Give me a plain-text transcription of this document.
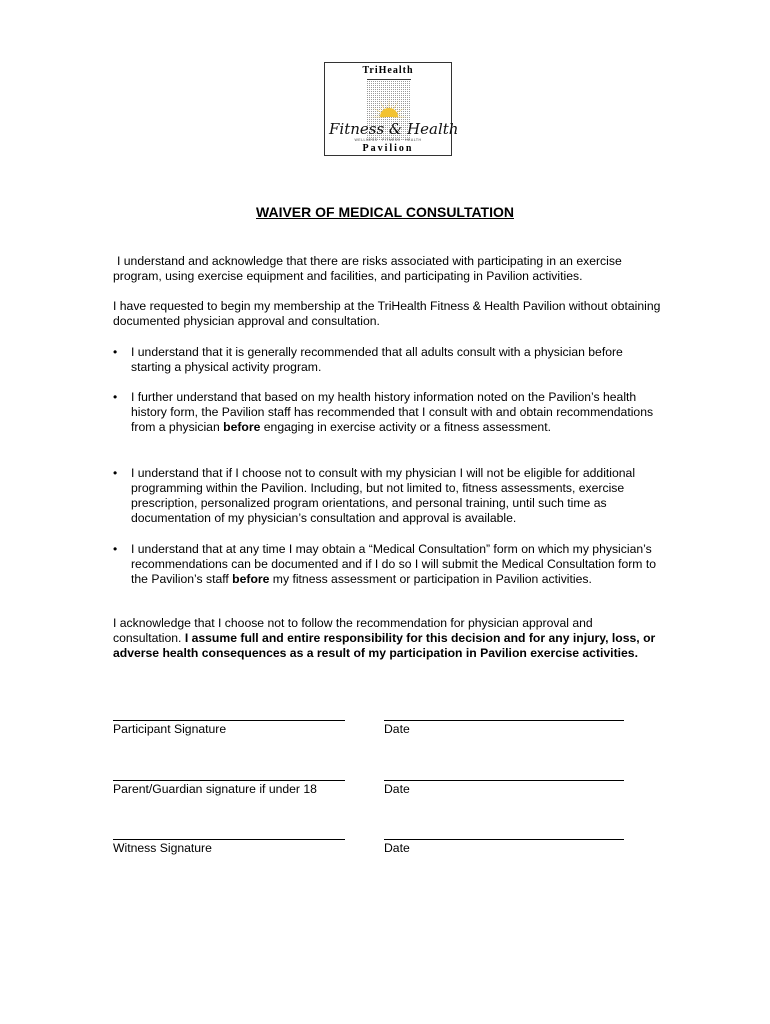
TriHealth
Fitness & Health
WELLNESS · FITNESS · HEALTH
Pavilion
WAIVER OF MEDICAL CONSULTATION

I understand and acknowledge that there are risks associated with participating in an exercise program, using exercise equipment and facilities, and participating in Pavilion activities.

I have requested to begin my membership at the TriHealth Fitness & Health Pavilion without obtaining documented physician approval and consultation.

• I understand that it is generally recommended that all adults consult with a physician before starting a physical activity program.

• I further understand that based on my health history information noted on the Pavilion’s health history form, the Pavilion staff has recommended that I consult with and obtain recommendations from a physician before engaging in exercise activity or a fitness assessment.

• I understand that if I choose not to consult with my physician I will not be eligible for additional programming within the Pavilion. Including, but not limited to, fitness assessments, exercise prescription, personalized program orientations, and personal training, until such time as documentation of my physician’s consultation and approval is available.

• I understand that at any time I may obtain a “Medical Consultation” form on which my physician’s recommendations can be documented and if I do so I will submit the Medical Consultation form to the Pavilion’s staff before my fitness assessment or participation in Pavilion activities.

I acknowledge that I choose not to follow the recommendation for physician approval and consultation. I assume full and entire responsibility for this decision and for any injury, loss, or adverse health consequences as a result of my participation in Pavilion exercise activities.

Participant Signature	Date
Parent/Guardian signature if under 18	Date
Witness Signature	Date
